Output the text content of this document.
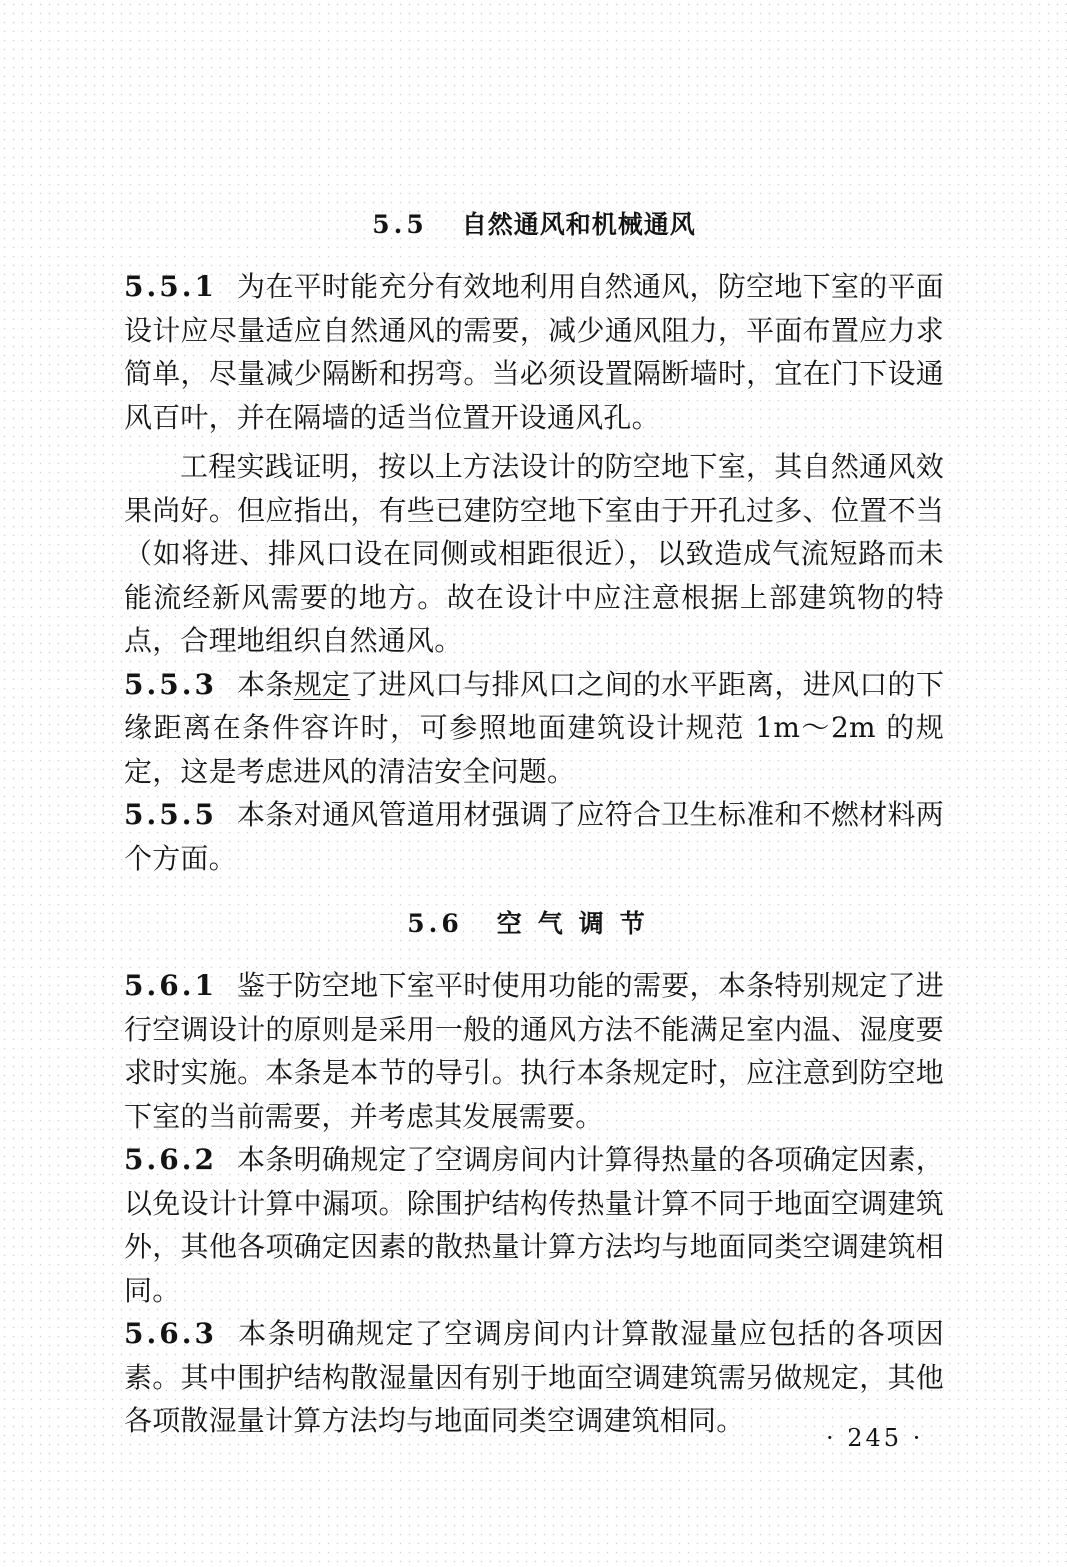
5.5 自然通风和机械通风

5.5.1 为在平时能充分有效地利用自然通风，防空地下室的平面设计应尽量适应自然通风的需要，减少通风阻力，平面布置应力求简单，尽量减少隔断和拐弯。当必须设置隔断墙时，宜在门下设通风百叶，并在隔墙的适当位置开设通风孔。

工程实践证明，按以上方法设计的防空地下室，其自然通风效果尚好。但应指出，有些已建防空地下室由于开孔过多、位置不当（如将进、排风口设在同侧或相距很近），以致造成气流短路而未能流经新风需要的地方。故在设计中应注意根据上部建筑物的特点，合理地组织自然通风。

5.5.3 本条规定了进风口与排风口之间的水平距离，进风口的下缘距离在条件容许时，可参照地面建筑设计规范 1m～2m 的规定，这是考虑进风的清洁安全问题。

5.5.5 本条对通风管道用材强调了应符合卫生标准和不燃材料两个方面。

5.6 空气调节

5.6.1 鉴于防空地下室平时使用功能的需要，本条特别规定了进行空调设计的原则是采用一般的通风方法不能满足室内温、湿度要求时实施。本条是本节的导引。执行本条规定时，应注意到防空地下室的当前需要，并考虑其发展需要。

5.6.2 本条明确规定了空调房间内计算得热量的各项确定因素，以免设计计算中漏项。除围护结构传热量计算不同于地面空调建筑外，其他各项确定因素的散热量计算方法均与地面同类空调建筑相同。

5.6.3 本条明确规定了空调房间内计算散湿量应包括的各项因素。其中围护结构散湿量因有别于地面空调建筑需另做规定，其他各项散湿量计算方法均与地面同类空调建筑相同。

· 245 ·
